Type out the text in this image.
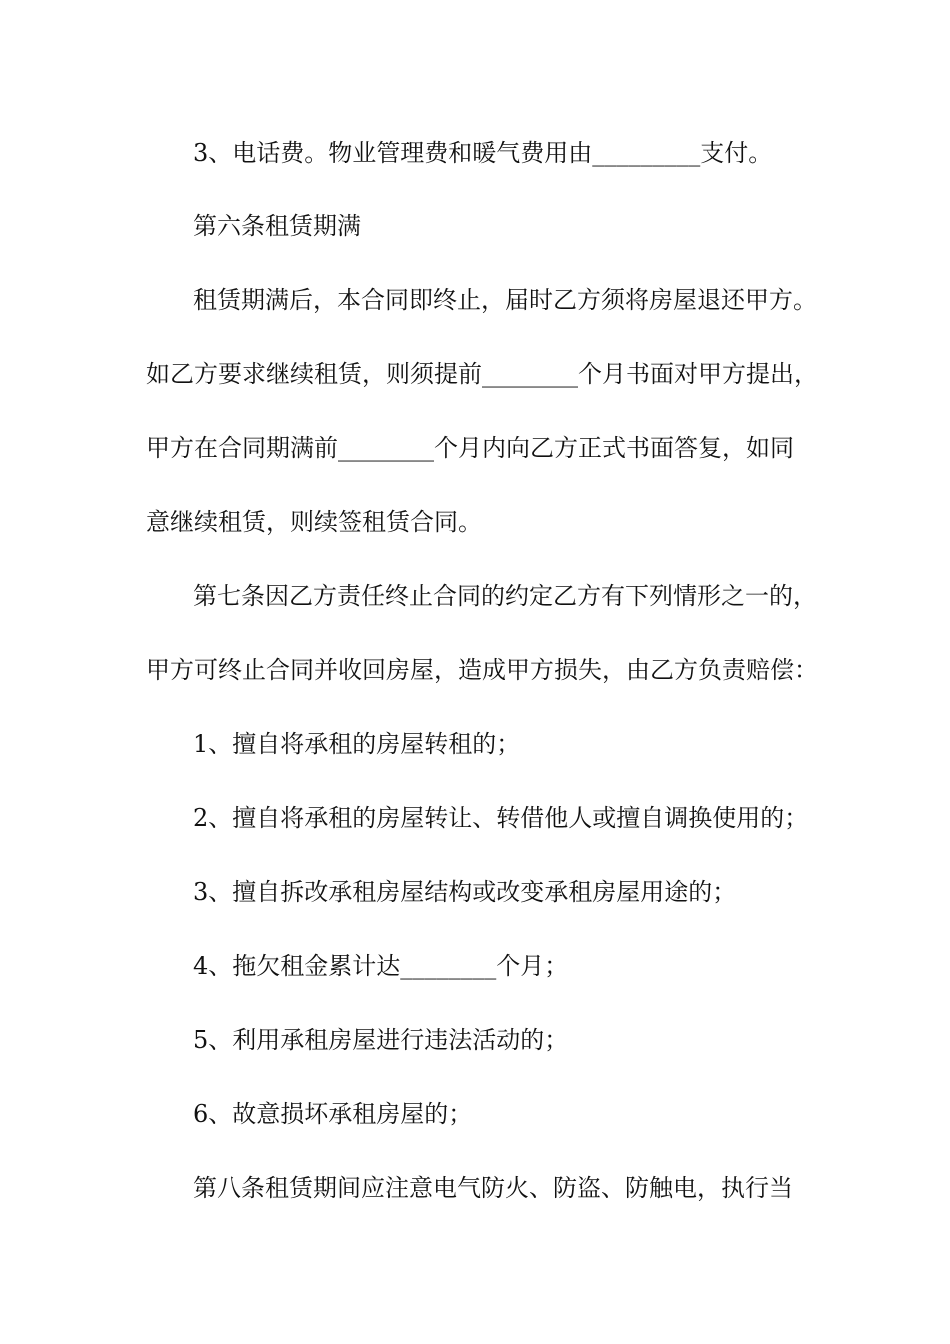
3、电话费。物业管理费和暖气费用由_________支付。
第六条租赁期满
租赁期满后，本合同即终止，届时乙方须将房屋退还甲方。
如乙方要求继续租赁，则须提前________个月书面对甲方提出，
甲方在合同期满前________个月内向乙方正式书面答复，如同
意继续租赁，则续签租赁合同。
第七条因乙方责任终止合同的约定乙方有下列情形之一的，
甲方可终止合同并收回房屋，造成甲方损失，由乙方负责赔偿：
1、擅自将承租的房屋转租的；
2、擅自将承租的房屋转让、转借他人或擅自调换使用的；
3、擅自拆改承租房屋结构或改变承租房屋用途的；
4、拖欠租金累计达________个月；
5、利用承租房屋进行违法活动的；
6、故意损坏承租房屋的；
第八条租赁期间应注意电气防火、防盗、防触电，执行当
